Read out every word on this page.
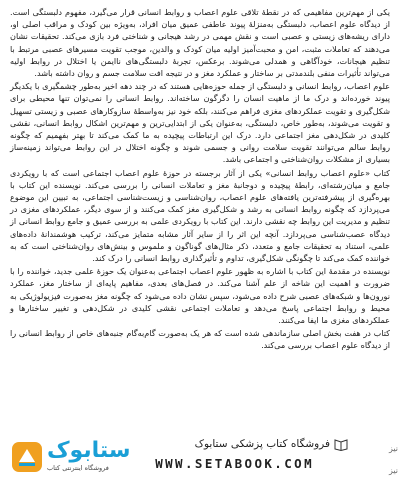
یکی از مهم‌ترین مفاهیمی که در نقطهٔ تلاقی علوم اعصاب و روابط انسانی قرار می‌گیرد، مفهوم دلبستگی است. از دیدگاه علوم اعصاب، دلبستگی به‌منزلهٔ پیوند عاطفی عمیق میان افراد، به‌ویژه بین کودک و مراقب اصلی او، دارای ریشه‌های زیستی و عصبی است و نقش مهمی در رشد هیجانی و شناختی فرد بازی می‌کند. تحقیقات نشان می‌دهند که تعاملات مثبت، امن و محبت‌آمیز اولیه میان کودک و والدین، موجب تقویت مسیرهای عصبی مرتبط با تنظیم هیجانات، خودآگاهی و همدلی می‌شوند. برعکس، تجربهٔ دلبستگی‌های ناایمن یا اختلال در روابط اولیه می‌تواند تأثیرات منفی بلندمدتی بر ساختار و عملکرد مغز و در نتیجه افت سلامت جسم و روان داشته باشد.

علوم اعصاب، روابط انسانی و دلبستگی از جمله حوزه‌هایی هستند که در چند دهه اخیر به‌طور چشمگیری با یکدیگر پیوند خورده‌اند و درک ما از ماهیت انسان را دگرگون ساخته‌اند. روابط انسانی را نمی‌توان تنها محیطی برای شکل‌گیری و تقویت عملکردهای مغزی فراهم می‌کنند، بلکه خود نیز به‌واسطهٔ سازوکارهای عصبی و زیستی تسهیل و تقویت می‌شوند، به‌طور خاص، دلبستگی، به‌عنوان یکی از ابتدایی‌ترین و مهم‌ترین اشکال روابط انسانی، نقشی کلیدی در شکل‌دهی مغز اجتماعی دارد. درک این ارتباطات پیچیده به ما کمک می‌کند تا بهتر بفهمیم که چگونه روابط سالم می‌توانند تقویت سلامت روانی و جسمی شوند و چگونه اختلال در این روابط می‌تواند زمینه‌ساز بسیاری از مشکلات روان‌شناختی و اجتماعی باشد.

کتاب «علوم اعصاب روابط انسانی» یکی از آثار برجسته در حوزهٔ علوم اعصاب اجتماعی است که با رویکردی جامع و میان‌رشته‌ای، رابطهٔ پیچیده و دوجانبهٔ مغز و تعاملات انسانی را بررسی می‌کند. نویسنده این کتاب با بهره‌گیری از پیشرفته‌ترین یافته‌های علوم اعصاب، روان‌شناسی و زیست‌شناسی اجتماعی، به تبیین این موضوع می‌پردازد که چگونه روابط انسانی به رشد و شکل‌گیری مغز کمک می‌کنند و از سوی دیگر، عملکردهای مغزی در تنظیم و مدیریت این روابط چه نقشی دارند. این کتاب با رویکردی علمی به بررسی عمیق و جامع روابط انسانی از دیدگاه عصب‌شناسی می‌پردازد. آنچه این اثر را از سایر آثار مشابه متمایز می‌کند، ترکیب هوشمندانهٔ داده‌های علمی، استناد به تحقیقات جامع و متعدد، ذکر مثال‌های گوناگون و ملموس و بینش‌های روان‌شناختی است که به خواننده کمک می‌کند تا چگونگی شکل‌گیری، تداوم و تأثیرگذاری روابط انسانی را درک کند.

نویسنده در مقدمهٔ این کتاب با اشاره به ظهور علوم اعصاب اجتماعی به‌عنوان یک حوزهٔ علمی جدید، خواننده را با ضرورت و اهمیت این شاخه از علم آشنا می‌کند. در فصل‌های بعدی، مفاهیم پایه‌ای از ساختار مغز، عملکرد نورون‌ها و شبکه‌های عصبی شرح داده می‌شود، سپس نشان داده می‌شود که چگونه مغز به‌صورت فیزیولوژیکی به محیط و روابط اجتماعی پاسخ می‌دهد و تعاملات اجتماعی نقشی کلیدی در شکل‌دهی و تغییر ساختارها و عملکردهای مغزی ما ایفا می‌کنند.

کتاب در هفت بخش اصلی سازماندهی شده است که هر یک به‌صورت گام‌به‌گام جنبه‌های خاص از روابط انسانی را از دیدگاه علوم اعصاب بررسی می‌کند.

نیز
نیز
ستابوک
فروشگاه اینترنتی کتاب
فروشگاه کتاب پزشکی ستابوک
WWW.SETABOOK.COM
